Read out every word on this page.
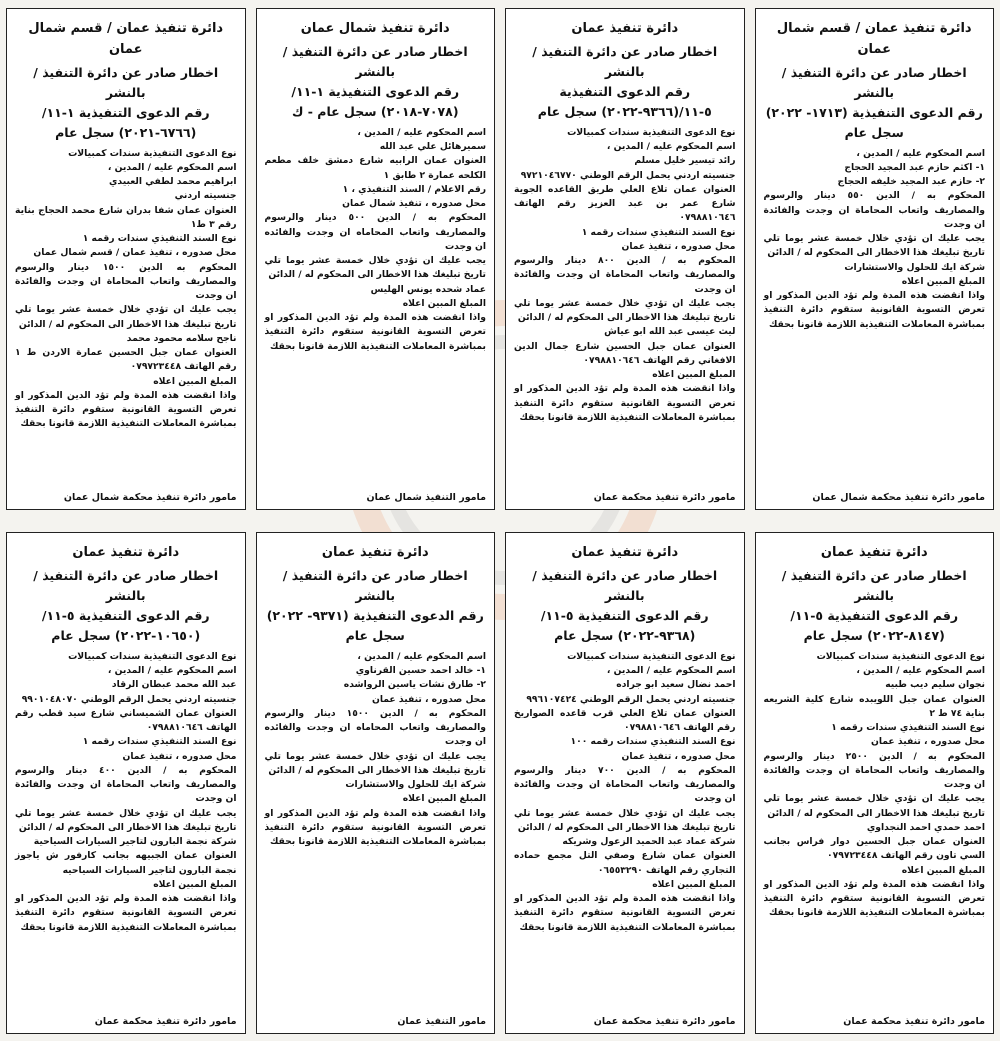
دائرة تنفيذ عمان / قسم شمال عمان
اخطار صادر عن دائرة التنفيذ / بالنشر
رقم الدعوى التنفيذية (١٧١٣- ٢٠٢٢) سجل عام
اسم المحكوم عليه / المدين ،
١- اكثم حازم عبد المجيد الحجاج
٢- حازم عبد المجيد خليفه الحجاج
المحكوم به / الدين ٥٥٠ دينار والرسوم والمصاريف واتعاب المحاماة ان وجدت والفائدة ان وجدت
يجب عليك ان تؤدي خلال خمسة عشر يوما تلي تاريخ تبليغك هذا الاخطار الى المحكوم له / الدائن
شركة ايك للحلول والاستشارات
المبلغ المبين اعلاه
واذا انقضت هذه المدة ولم تؤد الدين المذكور او تعرض التسوية القانونية ستقوم دائرة التنفيذ بمباشرة المعاملات التنفيذية اللازمة قانونا بحقك
مامور دائرة تنفيذ محكمة شمال عمان
دائرة تنفيذ عمان
اخطار صادر عن دائرة التنفيذ / بالنشر
رقم الدعوى التنفيذية ٥-١١/(٩٣٦٦-٢٠٢٢) سجل عام
نوع الدعوى التنفيذية سندات كمبيالات
اسم المحكوم عليه / المدين ،
رائد تيسير خليل مسلم
جنسيته اردني يحمل الرقم الوطني ٩٧٢١٠٤٦٧٧٠
العنوان عمان تلاع العلي طريق القاعده الجوية شارع عمر بن عبد العزيز رقم الهاتف ٠٧٩٨٨١٠٦٤٦
نوع السند التنفيذي سندات رقمه ١
محل صدوره ، تنفيذ عمان
المحكوم به / الدين ٨٠٠ دينار والرسوم والمصاريف واتعاب المحاماة ان وجدت والفائدة ان وجدت
يجب عليك ان تؤدي خلال خمسة عشر يوما تلي تاريخ تبليغك هذا الاخطار الى المحكوم له / الدائن
ليث عيسى عبد الله ابو عياش
العنوان عمان جبل الحسين شارع جمال الدين الافغاني رقم الهاتف ٠٧٩٨٨١٠٦٤٦
المبلغ المبين اعلاه
واذا انقضت هذه المدة ولم تؤد الدين المذكور او تعرض التسوية القانونية ستقوم دائرة التنفيذ بمباشرة المعاملات التنفيذية اللازمة قانونا بحقك
مامور دائرة تنفيذ محكمة عمان
دائرة تنفيذ شمال عمان
اخطار صادر عن دائرة التنفيذ / بالنشر
رقم الدعوى التنفيذية ١-١١/ (٧٠٧٨-٢٠١٨) سجل عام - ك
اسم المحكوم عليه / المدين ،
سميرهائل علي عبد الله
العنوان عمان الرابيه شارع دمشق خلف مطعم الكلحه عمارة ٢ طابق ١
رقم الاعلام / السند التنفيذي ، ١
محل صدوره ، تنفيذ شمال عمان
المحكوم به / الدين ٥٠٠ دينار والرسوم والمصاريف واتعاب المحاماه ان وجدت والفائده ان وجدت
يجب عليك ان تؤدي خلال خمسة عشر يوما تلي تاريخ تبليغك هذا الاخطار الى المحكوم له / الدائن
عماد شحده يونس الهليس
المبلغ المبين اعلاه
واذا انقضت هذه المدة ولم تؤد الدين المذكور او تعرض التسوية القانونية ستقوم دائرة التنفيذ بمباشرة المعاملات التنفيذية اللازمة قانونا بحقك
مامور التنفيذ شمال عمان
دائرة تنفيذ عمان / قسم شمال عمان
اخطار صادر عن دائرة التنفيذ / بالنشر
رقم الدعوى التنفيذية ١-١١/ (٦٧٦٦-٢٠٢١) سجل عام
نوع الدعوى التنفيذية سندات كمبيالات
اسم المحكوم عليه / المدين ،
ابراهيم محمد لطفي العبيدي
جنسيته اردني
العنوان عمان شفا بدران شارع محمد الحجاج بناية رقم ٣ ط١
نوع السند التنفيذي سندات رقمه ١
محل صدوره ، تنفيذ عمان / قسم شمال عمان
المحكوم به الدين ١٥٠٠ دينار والرسوم والمصاريف واتعاب المحاماة ان وجدت والفائدة ان وجدت
يجب عليك ان تؤدي خلال خمسة عشر يوما تلي تاريخ تبليغك هذا الاخطار الى المحكوم له / الدائن
ناجح سلامه محمود محمد
العنوان عمان جبل الحسين عمارة الاردن ط ١ رقم الهاتف ٠٧٩٧٢٣٤٤٨
المبلغ المبين اعلاه
واذا انقضت هذه المدة ولم تؤد الدين المذكور او تعرض التسوية القانونية ستقوم دائرة التنفيذ بمباشرة المعاملات التنفيذية اللازمة قانونا بحقك
مامور دائرة تنفيذ محكمة شمال عمان
دائرة تنفيذ عمان
اخطار صادر عن دائرة التنفيذ / بالنشر
رقم الدعوى التنفيذية ٥-١١/ (٨١٤٧-٢٠٢٢) سجل عام
نوع الدعوى التنفيذية سندات كمبيالات
اسم المحكوم عليه / المدين ،
نجوان سليم ديب طبيه
العنوان عمان جبل اللويبده شارع كلية الشريعه بناية ٧٤ ط ٢
نوع السند التنفيذي سندات رقمه ١
محل صدوره ، تنفيذ عمان
المحكوم به / الدين ٢٥٠٠ دينار والرسوم والمصاريف واتعاب المحاماة ان وجدت والفائدة ان وجدت
يجب عليك ان تؤدي خلال خمسة عشر يوما تلي تاريخ تبليغك هذا الاخطار الى المحكوم له / الدائن
احمد حمدي احمد النجداوي
العنوان عمان جبل الحسين دوار فراس بجانب السي تاون رقم الهاتف ٠٧٩٧٢٣٤٤٨
المبلغ المبين اعلاه
واذا انقضت هذه المدة ولم تؤد الدين المذكور او تعرض التسوية القانونية ستقوم دائرة التنفيذ بمباشرة المعاملات التنفيذية اللازمة قانونا بحقك
مامور دائرة تنفيذ محكمة عمان
دائرة تنفيذ عمان
اخطار صادر عن دائرة التنفيذ / بالنشر
رقم الدعوى التنفيذية ٥-١١/ (٩٣٦٨-٢٠٢٢) سجل عام
نوع الدعوى التنفيذية سندات كمبيالات
اسم المحكوم عليه / المدين ،
احمد نضال سعيد ابو جراده
جنسيته اردني يحمل الرقم الوطني ٩٩٦١٠٧٤٢٤
العنوان عمان تلاع العلي قرب قاعده الصواريخ رقم الهاتف ٠٧٩٨٨١٠٦٤٦
نوع السند التنفيذي سندات رقمه ١٠٠
محل صدوره ، تنفيذ عمان
المحكوم به / الدين ٧٠٠ دينار والرسوم والمصاريف واتعاب المحاماة ان وجدت والفائدة ان وجدت
يجب عليك ان تؤدي خلال خمسة عشر يوما تلي تاريخ تبليغك هذا الاخطار الى المحكوم له / الدائن
شركة عماد عبد الحميد الزعول وشريكه
العنوان عمان شارع وصفي التل مجمع حماده التجاري رقم الهاتف ٠٦٥٥٣٢٩٠
المبلغ المبين اعلاه
واذا انقضت هذه المدة ولم تؤد الدين المذكور او تعرض التسوية القانونية ستقوم دائرة التنفيذ بمباشرة المعاملات التنفيذية اللازمة قانونا بحقك
مامور دائرة تنفيذ محكمة عمان
دائرة تنفيذ عمان
اخطار صادر عن دائرة التنفيذ / بالنشر
رقم الدعوى التنفيذية (٩٣٧١- ٢٠٢٢) سجل عام
اسم المحكوم عليه / المدين ،
١- خالد احمد حسين القرناوي
٢- طارق نشات ياسين الرواشده
محل صدوره ، تنفيذ عمان
المحكوم به / الدين ١٥٠٠ دينار والرسوم والمصاريف واتعاب المحاماه ان وجدت والفائده ان وجدت
يجب عليك ان تؤدي خلال خمسة عشر يوما تلي تاريخ تبليغك هذا الاخطار الى المحكوم له / الدائن
شركة ايك للحلول والاستشارات
المبلغ المبين اعلاه
واذا انقضت هذه المدة ولم تؤد الدين المذكور او تعرض التسوية القانونية ستقوم دائرة التنفيذ بمباشرة المعاملات التنفيذية اللازمة قانونا بحقك
مامور التنفيذ عمان
دائرة تنفيذ عمان
اخطار صادر عن دائرة التنفيذ / بالنشر
رقم الدعوى التنفيذية ٥-١١/ (١٠٦٥٠-٢٠٢٢) سجل عام
نوع الدعوى التنفيذية سندات كمبيالات
اسم المحكوم عليه / المدين ،
عبد الله محمد عبطان الرقاد
جنسيته اردني يحمل الرقم الوطني ٩٩٠١٠٤٨٠٧٠
العنوان عمان الشميساني شارع سيد قطب رقم الهاتف ٠٧٩٨٨١٠٦٤٦
نوع السند التنفيذي سندات رقمه ١
محل صدوره ، تنفيذ عمان
المحكوم به / الدين ٤٠٠ دينار والرسوم والمصاريف واتعاب المحاماة ان وجدت والفائدة ان وجدت
يجب عليك ان تؤدي خلال خمسة عشر يوما تلي تاريخ تبليغك هذا الاخطار الى المحكوم له / الدائن
شركة نجمة البارون لتاجير السيارات السياحية
العنوان عمان الجبيهه بجانب كارفور ش ياجوز نجمة البارون لتاجير السيارات السياحيه
المبلغ المبين اعلاه
واذا انقضت هذه المدة ولم تؤد الدين المذكور او تعرض التسوية القانونية ستقوم دائرة التنفيذ بمباشرة المعاملات التنفيذية اللازمة قانونا بحقك
مامور دائرة تنفيذ محكمة عمان
